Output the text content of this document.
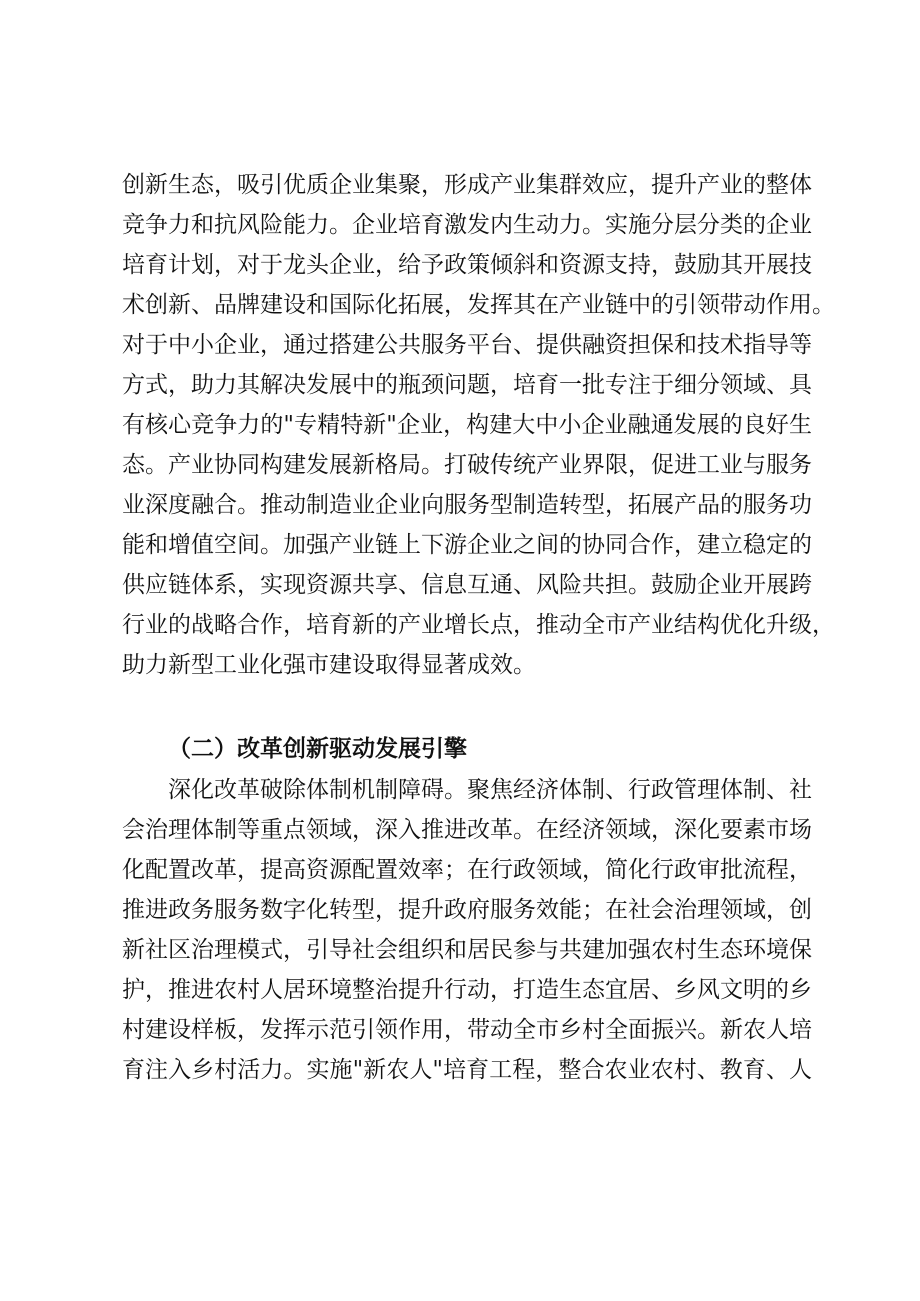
创新生态，吸引优质企业集聚，形成产业集群效应，提升产业的整体
竞争力和抗风险能力。企业培育激发内生动力。实施分层分类的企业
培育计划，对于龙头企业，给予政策倾斜和资源支持，鼓励其开展技
术创新、品牌建设和国际化拓展，发挥其在产业链中的引领带动作用。
对于中小企业，通过搭建公共服务平台、提供融资担保和技术指导等
方式，助力其解决发展中的瓶颈问题，培育一批专注于细分领域、具
有核心竞争力的"专精特新"企业，构建大中小企业融通发展的良好生
态。产业协同构建发展新格局。打破传统产业界限，促进工业与服务
业深度融合。推动制造业企业向服务型制造转型，拓展产品的服务功
能和增值空间。加强产业链上下游企业之间的协同合作，建立稳定的
供应链体系，实现资源共享、信息互通、风险共担。鼓励企业开展跨
行业的战略合作，培育新的产业增长点，推动全市产业结构优化升级，
助力新型工业化强市建设取得显著成效。
（二）改革创新驱动发展引擎
深化改革破除体制机制障碍。聚焦经济体制、行政管理体制、社
会治理体制等重点领域，深入推进改革。在经济领域，深化要素市场
化配置改革，提高资源配置效率；在行政领域，简化行政审批流程，
推进政务服务数字化转型，提升政府服务效能；在社会治理领域，创
新社区治理模式，引导社会组织和居民参与共建加强农村生态环境保
护，推进农村人居环境整治提升行动，打造生态宜居、乡风文明的乡
村建设样板，发挥示范引领作用，带动全市乡村全面振兴。新农人培
育注入乡村活力。实施"新农人"培育工程，整合农业农村、教育、人
